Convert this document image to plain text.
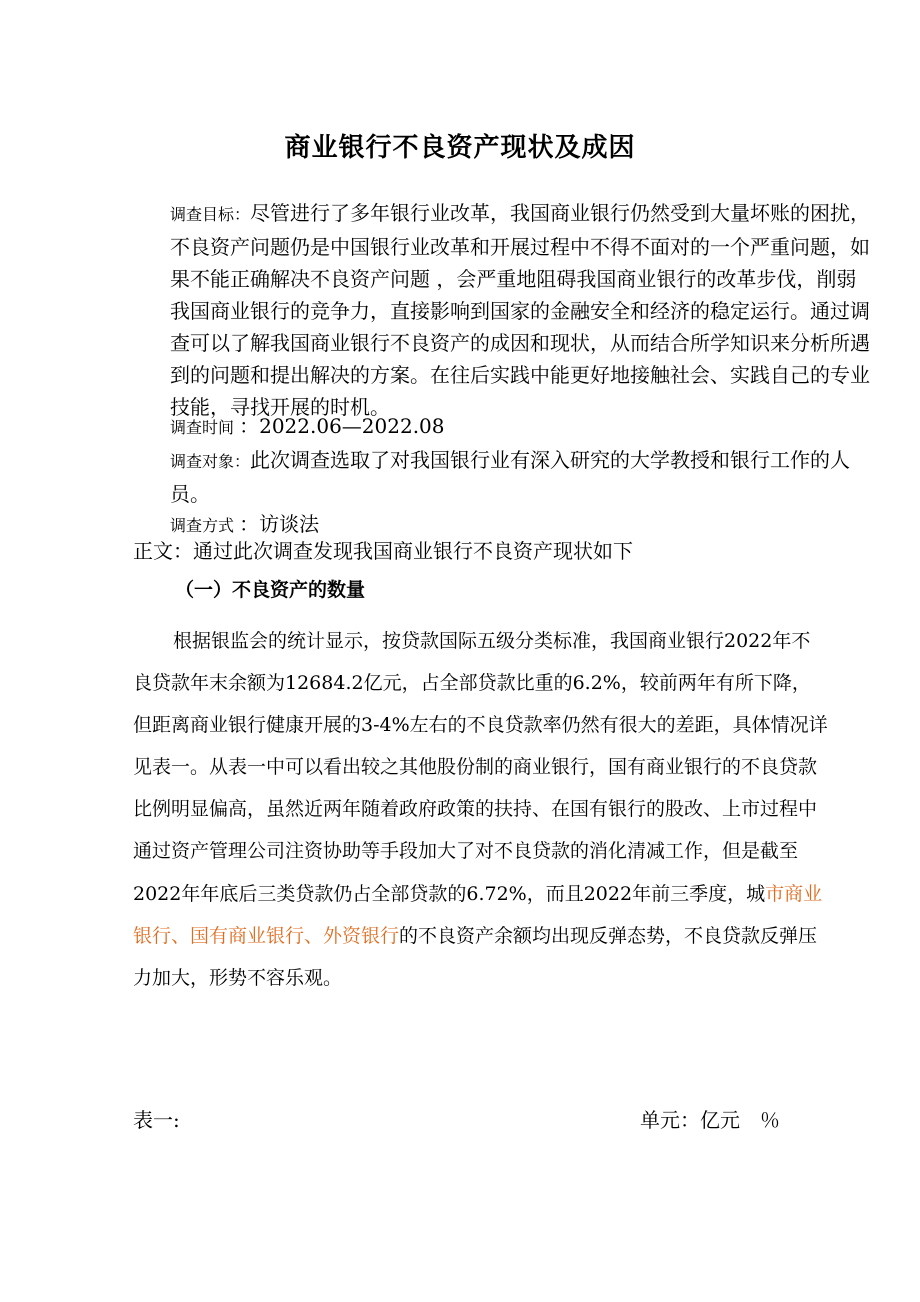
商业银行不良资产现状及成因
调查目标：尽管进行了多年银行业改革，我国商业银行仍然受到大量坏账的困扰，不良资产问题仍是中国银行业改革和开展过程中不得不面对的一个严重问题，如果不能正确解决不良资产问题 ，会严重地阻碍我国商业银行的改革步伐，削弱我国商业银行的竞争力，直接影响到国家的金融安全和经济的稳定运行。通过调查可以了解我国商业银行不良资产的成因和现状，从而结合所学知识来分析所遇到的问题和提出解决的方案。在往后实践中能更好地接触社会、实践自己的专业技能，寻找开展的时机。
调查时间 ：2022.06—2022.08
调查对象：此次调查选取了对我国银行业有深入研究的大学教授和银行工作的人员。
调查方式 ：访谈法
正文：通过此次调查发现我国商业银行不良资产现状如下
（一）不良资产的数量
根据银监会的统计显示，按贷款国际五级分类标准，我国商业银行2022年不良贷款年末余额为12684.2亿元，占全部贷款比重的6.2%，较前两年有所下降，但距离商业银行健康开展的3-4%左右的不良贷款率仍然有很大的差距，具体情况详见表一。从表一中可以看出较之其他股份制的商业银行，国有商业银行的不良贷款比例明显偏高，虽然近两年随着政府政策的扶持、在国有银行的股改、上市过程中通过资产管理公司注资协助等手段加大了对不良贷款的消化清减工作，但是截至2022年年底后三类贷款仍占全部贷款的6.72%，而且2022年前三季度，城市商业银行、国有商业银行、外资银行的不良资产余额均出现反弹态势，不良贷款反弹压力加大，形势不容乐观。
表一:	单元：亿元　％
